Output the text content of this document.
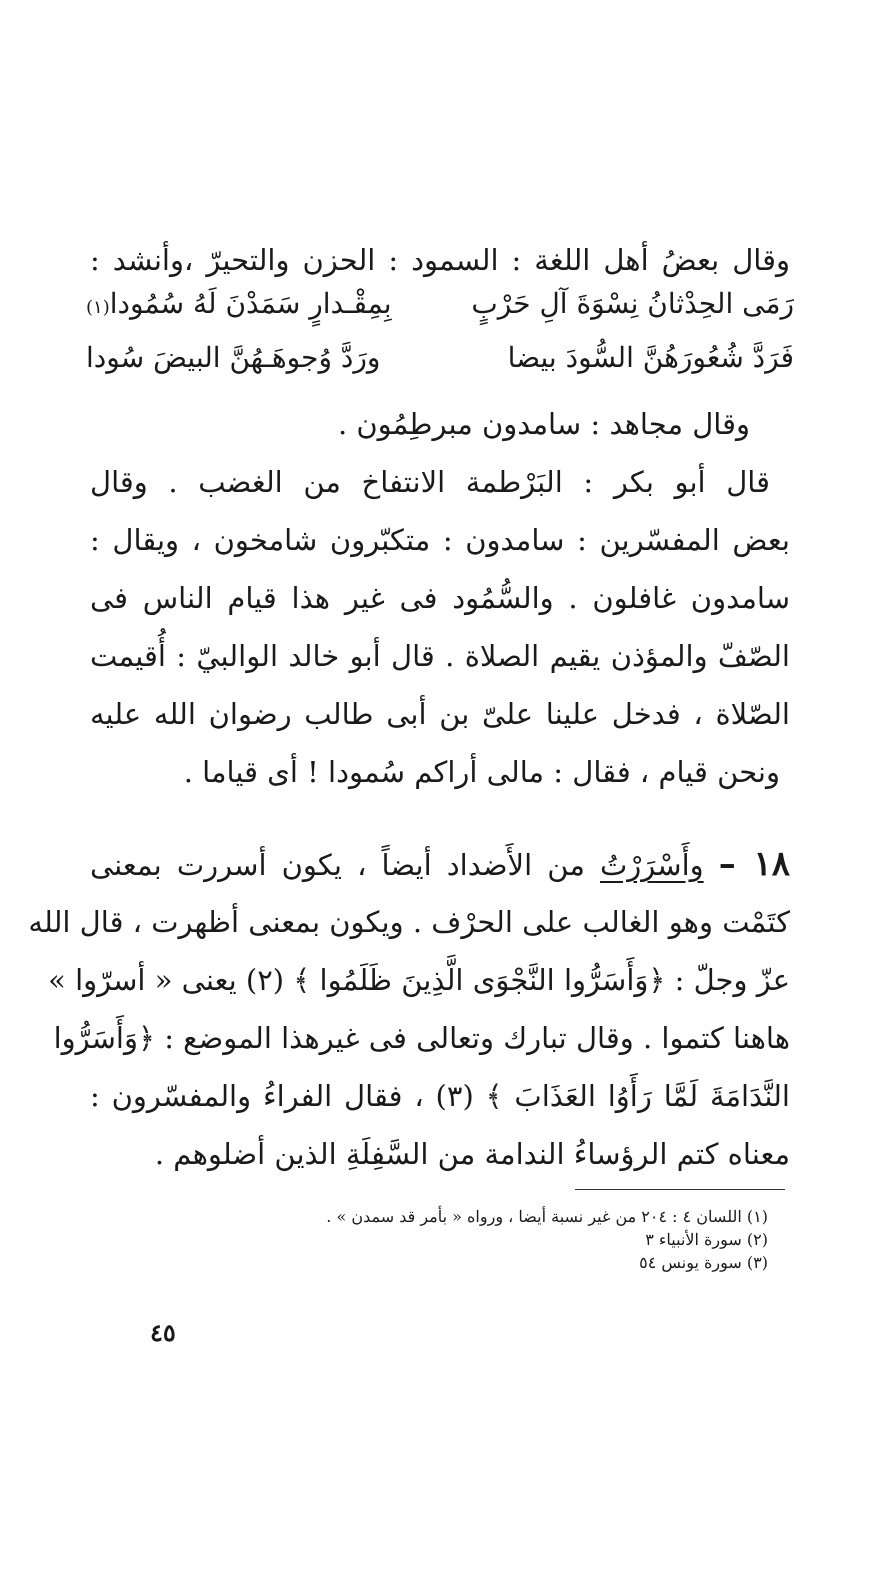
وقال بعضُ أهل اللغة : السمود : الحزن والتحيرّ ،وأنشد :
رَمَى الحِدْثانُ نِسْوَةَ آلِ حَرْبٍ
بِمِقْـدارٍ سَمَدْنَ لَهُ سُمُودا(١)
فَرَدَّ شُعُورَهُنَّ السُّودَ بيضا
ورَدَّ وُجوهَـهُنَّ البيضَ سُودا
وقال مجاهد : سامدون مبرطِمُون .
قال أبو بكر : البَرْطمة الانتفاخ من الغضب . وقال
بعض المفسّرين : سامدون : متكبّرون شامخون ، ويقال :
سامدون غافلون . والسُّمُود فى غير هذا قيام الناس فى
الصّفّ والمؤذن يقيم الصلاة . قال أبو خالد الوالبيّ : أُقيمت
الصّلاة ، فدخل علينا علىّ بن أبى طالب رضوان الله عليه
ونحن قيام ، فقال : مالى أراكم سُمودا ! أى قياما .
١٨ – وأَسْرَرْتُ من الأَضداد أيضاً ، يكون أسررت بمعنى
كتَمْت وهو الغالب على الحرْف . ويكون بمعنى أظهرت ، قال الله
عزّ وجلّ : ﴿وَأَسَرُّوا النَّجْوَى الَّذِينَ ظَلَمُوا ﴾ (٢) يعنى « أسرّوا »
هاهنا كتموا . وقال تبارك وتعالى فى غيرهذا الموضع : ﴿وَأَسَرُّوا
النَّدَامَةَ لَمَّا رَأَوُا العَذَابَ ﴾ (٣) ، فقال الفراءُ والمفسّرون :
معناه كتم الرؤساءُ الندامة من السَّفِلَةِ الذين أضلوهم .
(١) اللسان ٤ : ٢٠٤ من غير نسبة أيضا ، ورواه « بأمر قد سمدن » .
(٢) سورة الأنبياء ٣
(٣) سورة يونس ٥٤
٤٥
